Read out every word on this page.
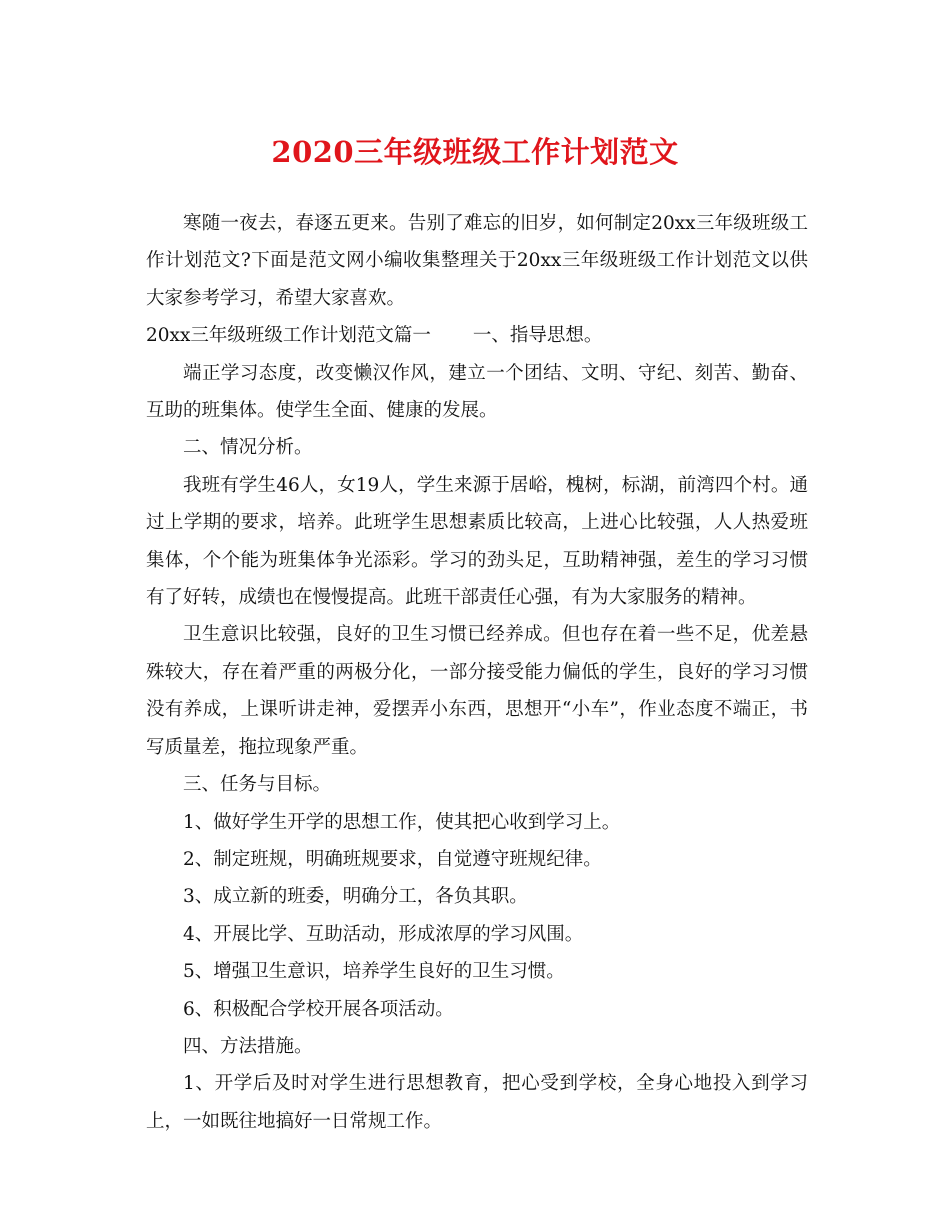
2020三年级班级工作计划范文

寒随一夜去，春逐五更来。告别了难忘的旧岁，如何制定20xx三年级班级工作计划范文?下面是范文网小编收集整理关于20xx三年级班级工作计划范文以供大家参考学习，希望大家喜欢。

20xx三年级班级工作计划范文篇一 一、指导思想。

端正学习态度，改变懒汉作风，建立一个团结、文明、守纪、刻苦、勤奋、互助的班集体。使学生全面、健康的发展。

二、情况分析。

我班有学生46人，女19人，学生来源于居峪，槐树，标湖，前湾四个村。通过上学期的要求，培养。此班学生思想素质比较高，上进心比较强，人人热爱班集体，个个能为班集体争光添彩。学习的劲头足，互助精神强，差生的学习习惯有了好转，成绩也在慢慢提高。此班干部责任心强，有为大家服务的精神。

卫生意识比较强，良好的卫生习惯已经养成。但也存在着一些不足，优差悬殊较大，存在着严重的两极分化，一部分接受能力偏低的学生，良好的学习习惯没有养成，上课听讲走神，爱摆弄小东西，思想开“小车”，作业态度不端正，书写质量差，拖拉现象严重。

三、任务与目标。

1、做好学生开学的思想工作，使其把心收到学习上。

2、制定班规，明确班规要求，自觉遵守班规纪律。

3、成立新的班委，明确分工，各负其职。

4、开展比学、互助活动，形成浓厚的学习风围。

5、增强卫生意识，培养学生良好的卫生习惯。

6、积极配合学校开展各项活动。

四、方法措施。

1、开学后及时对学生进行思想教育，把心受到学校，全身心地投入到学习上，一如既往地搞好一日常规工作。
